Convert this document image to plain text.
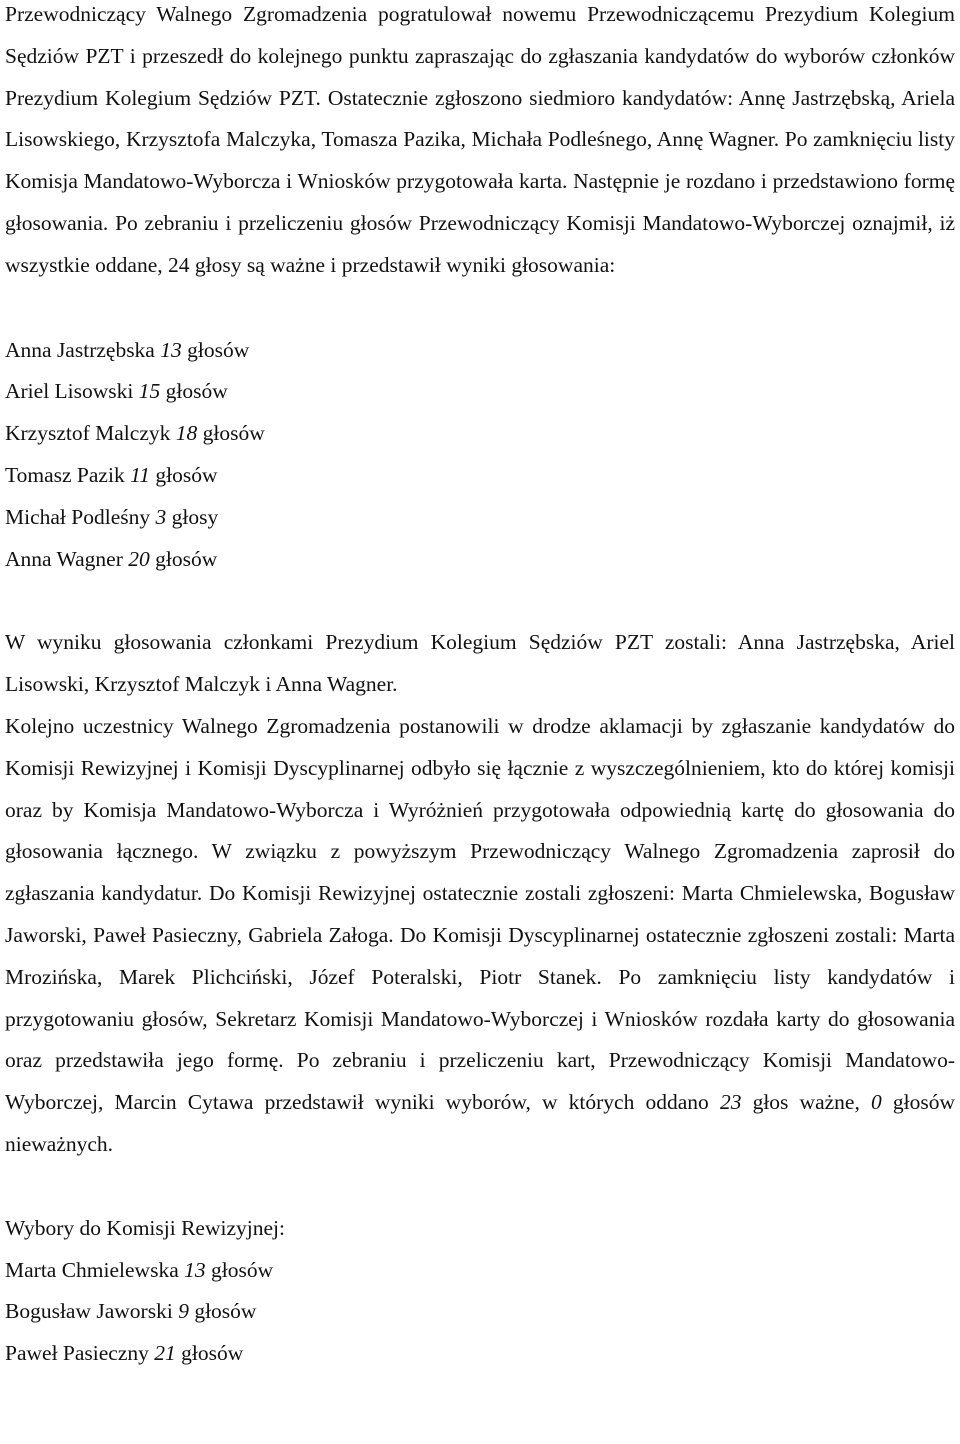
Przewodniczący Walnego Zgromadzenia pogratulował nowemu Przewodniczącemu Prezydium Kolegium Sędziów PZT i przeszedł do kolejnego punktu zapraszając do zgłaszania kandydatów do wyborów członków Prezydium Kolegium Sędziów PZT. Ostatecznie zgłoszono siedmioro kandydatów: Annę Jastrzębską, Ariela Lisowskiego, Krzysztofa Malczyka, Tomasza Pazika, Michała Podleśnego, Annę Wagner. Po zamknięciu listy Komisja Mandatowo-Wyborcza i Wniosków przygotowała karta. Następnie je rozdano i przedstawiono formę głosowania. Po zebraniu i przeliczeniu głosów Przewodniczący Komisji Mandatowo-Wyborczej oznajmił, iż wszystkie oddane, 24 głosy są ważne i przedstawił wyniki głosowania:

Anna Jastrzębska 13 głosów
Ariel Lisowski 15 głosów
Krzysztof Malczyk 18 głosów
Tomasz Pazik 11 głosów
Michał Podleśny 3 głosy
Anna Wagner 20 głosów

W wyniku głosowania członkami Prezydium Kolegium Sędziów PZT zostali: Anna Jastrzębska, Ariel Lisowski, Krzysztof Malczyk i Anna Wagner.

Kolejno uczestnicy Walnego Zgromadzenia postanowili w drodze aklamacji by zgłaszanie kandydatów do Komisji Rewizyjnej i Komisji Dyscyplinarnej odbyło się łącznie z wyszczególnieniem, kto do której komisji oraz by Komisja Mandatowo-Wyborcza i Wyróżnień przygotowała odpowiednią kartę do głosowania do głosowania łącznego. W związku z powyższym Przewodniczący Walnego Zgromadzenia zaprosił do zgłaszania kandydatur. Do Komisji Rewizyjnej ostatecznie zostali zgłoszeni: Marta Chmielewska, Bogusław Jaworski, Paweł Pasieczny, Gabriela Załoga. Do Komisji Dyscyplinarnej ostatecznie zgłoszeni zostali: Marta Mrozińska, Marek Plichciński, Józef Poteralski, Piotr Stanek. Po zamknięciu listy kandydatów i przygotowaniu głosów, Sekretarz Komisji Mandatowo-Wyborczej i Wniosków rozdała karty do głosowania oraz przedstawiła jego formę. Po zebraniu i przeliczeniu kart, Przewodniczący Komisji Mandatowo-Wyborczej, Marcin Cytawa przedstawił wyniki wyborów, w których oddano 23 głos ważne, 0 głosów nieważnych.

Wybory do Komisji Rewizyjnej:

Marta Chmielewska 13 głosów
Bogusław Jaworski 9 głosów
Paweł Pasieczny 21 głosów
